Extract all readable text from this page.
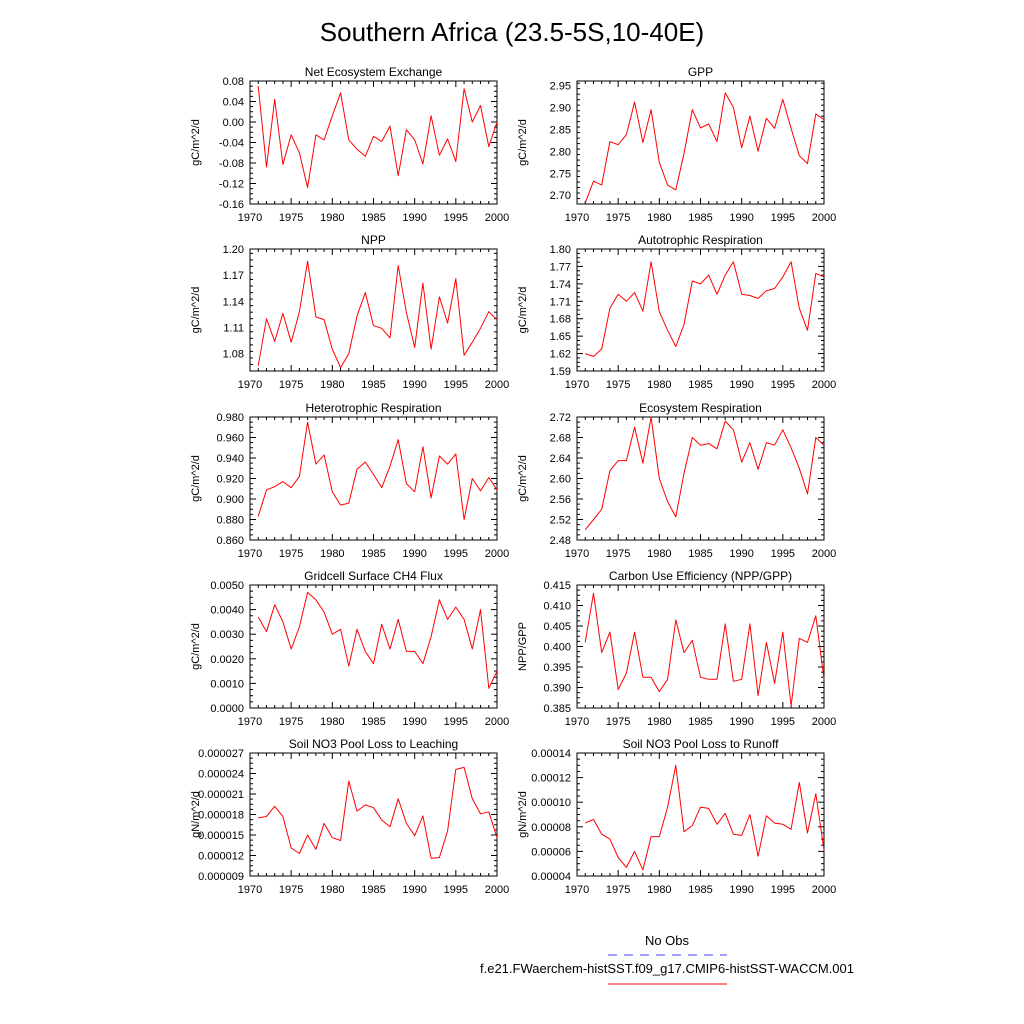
Southern Africa (23.5-5S,10-40E)
Net Ecosystem Exchange
gC/m^2/d
1970 1975 1980 1985 1990 1995 2000
0.08
0.04
0.00
-0.04
-0.08
-0.12
-0.16
GPP
gC/m^2/d
1970 1975 1980 1985 1990 1995 2000
2.95
2.90
2.85
2.80
2.75
2.70
NPP
gC/m^2/d
1970 1975 1980 1985 1990 1995 2000
1.20
1.17
1.14
1.11
1.08
Autotrophic Respiration
gC/m^2/d
1970 1975 1980 1985 1990 1995 2000
1.80
1.77
1.74
1.71
1.68
1.65
1.62
1.59
Heterotrophic Respiration
gC/m^2/d
1970 1975 1980 1985 1990 1995 2000
0.980
0.960
0.940
0.920
0.900
0.880
0.860
Ecosystem Respiration
gC/m^2/d
1970 1975 1980 1985 1990 1995 2000
2.72
2.68
2.64
2.60
2.56
2.52
2.48
Gridcell Surface CH4 Flux
gC/m^2/d
1970 1975 1980 1985 1990 1995 2000
0.0050
0.0040
0.0030
0.0020
0.0010
0.0000
Carbon Use Efficiency (NPP/GPP)
NPP/GPP
1970 1975 1980 1985 1990 1995 2000
0.415
0.410
0.405
0.400
0.395
0.390
0.385
Soil NO3 Pool Loss to Leaching
gN/m^2/d
1970 1975 1980 1985 1990 1995 2000
0.000027
0.000024
0.000021
0.000018
0.000015
0.000012
0.000009
Soil NO3 Pool Loss to Runoff
gN/m^2/d
1970 1975 1980 1985 1990 1995 2000
0.00014
0.00012
0.00010
0.00008
0.00006
0.00004
No Obs
f.e21.FWaerchem-histSST.f09_g17.CMIP6-histSST-WACCM.001
